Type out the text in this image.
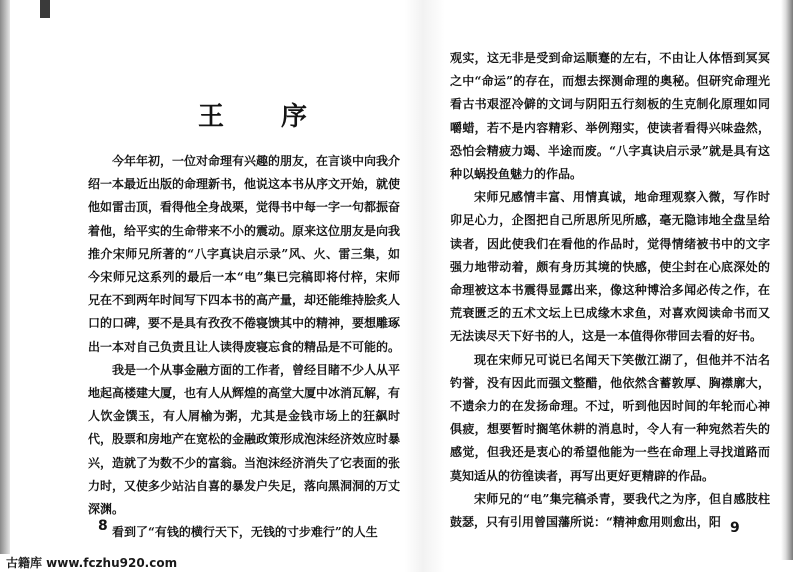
王 序

今年年初，一位对命理有兴趣的朋友，在言谈中向我介绍一本最近出版的命理新书，他说这本书从序文开始，就使他如雷击顶，看得他全身战栗，觉得书中每一字一句都振奋着他，给平实的生命带来不小的震动。原来这位朋友是向我推介宋师兄所著的“八字真诀启示录”风、火、雷三集，如今宋师兄这系列的最后一本“电”集已完稿即将付梓，宋师兄在不到两年时间写下四本书的高产量，却还能维持脍炙人口的口碑，要不是具有孜孜不倦寝馈其中的精神，要想雕琢出一本对自己负责且让人读得废寝忘食的精品是不可能的。

我是一个从事金融方面的工作者，曾经目睹不少人从平地起高楼建大厦，也有人从辉煌的高堂大厦中冰消瓦解，有人饮金馔玉，有人屑榆为粥，尤其是金钱市场上的狂飙时代，股票和房地产在宽松的金融政策形成泡沫经济效应时暴兴，造就了为数不少的富翁。当泡沫经济消失了它表面的张力时，又使多少站沾自喜的暴发户失足，落向黑洞洞的万丈深渊。

看到了“有钱的横行天下，无钱的寸步难行”的人生

8

观实，这无非是受到命运顺蹇的左右，不由让人体悟到冥冥之中“命运”的存在，而想去探测命理的奥秘。但研究命理光看古书艰涩冷僻的文词与阴阳五行刻板的生克制化原理如同嚼蜡，若不是内容精彩、举例翔实，使读者看得兴味盎然，恐怕会精疲力竭、半途而废。“八字真诀启示录”就是具有这种以蜗投鱼魅力的作品。

宋师兄感情丰富、用情真诚，地命理观察入微，写作时卯足心力，企图把自己所思所见所感，毫无隐讳地全盘呈给读者，因此使我们在看他的作品时，觉得情绪被书中的文字强力地带动着，颇有身历其境的快感，使尘封在心底深处的命理被这本书震得显露出来，像这种博洽多闻必传之作，在荒衰匮乏的五术文坛上已成缘木求鱼，对喜欢阅读命书而又无法读尽天下好书的人，这是一本值得你带回去看的好书。

现在宋师兄可说已名闻天下笑傲江湖了，但他并不沽名钓誉，没有因此而强文整醋，他依然含蓄敦厚、胸襟廓大，不遗余力的在发扬命理。不过，听到他因时间的年轮而心神俱疲，想要暂时搁笔休耕的消息时，令人有一种宛然若失的感觉，但我还是衷心的希望他能为一些在命理上寻找道路而莫知适从的彷徨读者，再写出更好更精辟的作品。

宋师兄的“电”集完稿杀青，要我代之为序，但自感肢柱鼓瑟，只有引用曾国藩所说：“精神愈用则愈出，阳 9
古籍库 www.fczhu920.com
